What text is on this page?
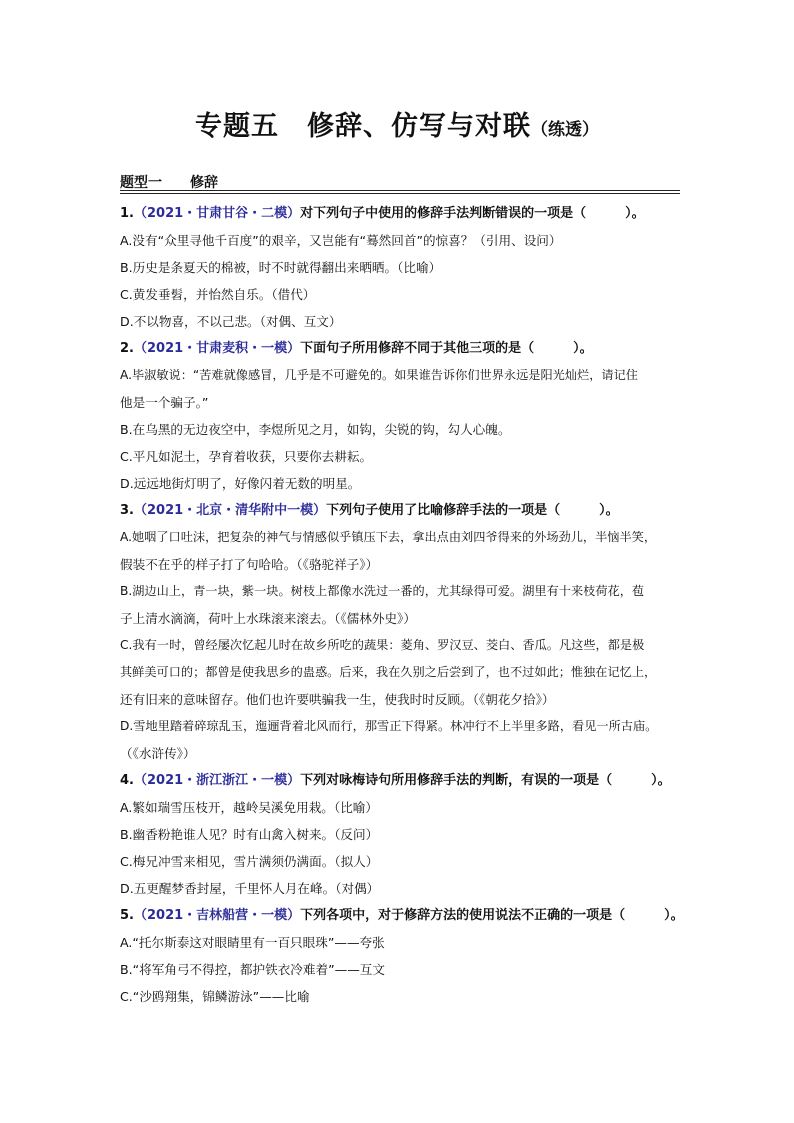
专题五　修辞、仿写与对联（练透）
题型一　　修辞
1.（2021・甘肃甘谷・二模）对下列句子中使用的修辞手法判断错误的一项是（　　　）。
A.没有“众里寻他千百度”的艰辛，又岂能有“蓦然回首”的惊喜？（引用、设问）
B.历史是条夏天的棉被，时不时就得翻出来晒晒。（比喻）
C.黄发垂髫，并怡然自乐。（借代）
D.不以物喜，不以己悲。（对偶、互文）
2.（2021・甘肃麦积・一模）下面句子所用修辞不同于其他三项的是（　　　）。
A.毕淑敏说：“苦难就像感冒，几乎是不可避免的。如果谁告诉你们世界永远是阳光灿烂，请记住
他是一个骗子。”
B.在乌黑的无边夜空中，李煜所见之月，如钩，尖锐的钩，勾人心魄。
C.平凡如泥土，孕育着收获，只要你去耕耘。
D.远远地街灯明了，好像闪着无数的明星。
3.（2021・北京・清华附中一模）下列句子使用了比喻修辞手法的一项是（　　　）。
A.她咽了口吐沫，把复杂的神气与情感似乎镇压下去，拿出点由刘四爷得来的外场劲儿，半恼半笑，
假装不在乎的样子打了句哈哈。（《骆驼祥子》）
B.湖边山上，青一块，紫一块。树枝上都像水洗过一番的，尤其绿得可爱。湖里有十来枝荷花，苞
子上清水滴滴，荷叶上水珠滚来滚去。（《儒林外史》）
C.我有一时，曾经屡次忆起儿时在故乡所吃的蔬果：菱角、罗汉豆、茭白、香瓜。凡这些，都是极
其鲜美可口的；都曾是使我思乡的蛊惑。后来，我在久别之后尝到了，也不过如此；惟独在记忆上，
还有旧来的意味留存。他们也许要哄骗我一生，使我时时反顾。（《朝花夕拾》）
D.雪地里踏着碎琼乱玉，迤逦背着北风而行，那雪正下得紧。林冲行不上半里多路，看见一所古庙。
（《水浒传》）
4.（2021・浙江浙江・一模）下列对咏梅诗句所用修辞手法的判断，有误的一项是（　　　）。
A.繁如瑞雪压枝开，越岭吴溪免用栽。（比喻）
B.幽香粉艳谁人见？时有山禽入树来。（反问）
C.梅兄冲雪来相见，雪片满须仍满面。（拟人）
D.五更醒梦香封屋，千里怀人月在峰。（对偶）
5.（2021・吉林船营・一模）下列各项中，对于修辞方法的使用说法不正确的一项是（　　　）。
A.“托尔斯泰这对眼睛里有一百只眼珠”——夸张
B.“将军角弓不得控，都护铁衣冷难着”——互文
C.“沙鸥翔集，锦鳞游泳”——比喻
